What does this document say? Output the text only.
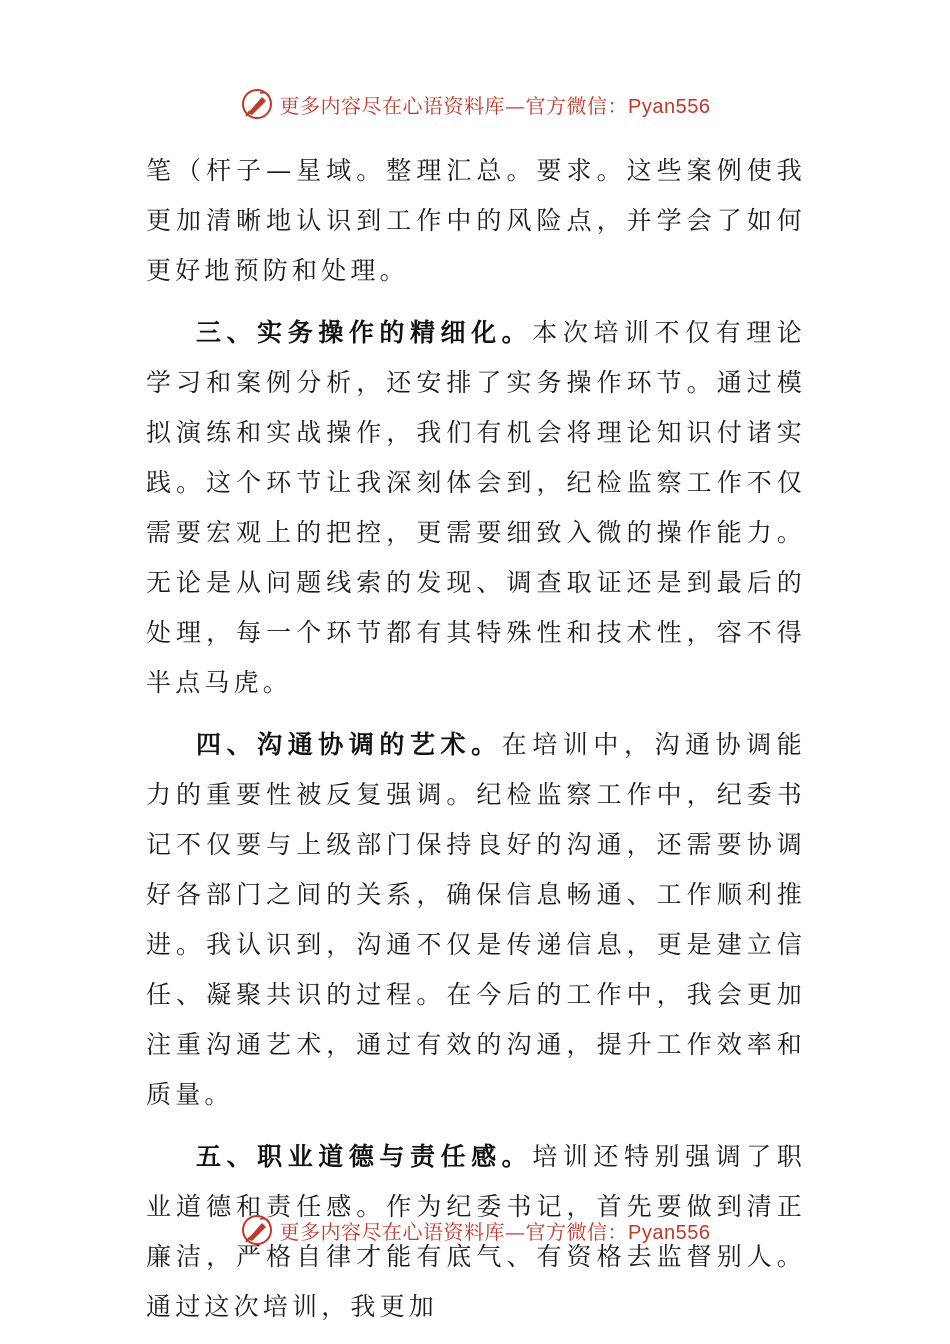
更多内容尽在心语资料库—官方微信：Pyan556

笔（杆子—星域。整理汇总。要求。这些案例使我更加清晰地认识到工作中的风险点，并学会了如何更好地预防和处理。

三、实务操作的精细化。本次培训不仅有理论学习和案例分析，还安排了实务操作环节。通过模拟演练和实战操作，我们有机会将理论知识付诸实践。这个环节让我深刻体会到，纪检监察工作不仅需要宏观上的把控，更需要细致入微的操作能力。无论是从问题线索的发现、调查取证还是到最后的处理，每一个环节都有其特殊性和技术性，容不得半点马虎。

四、沟通协调的艺术。在培训中，沟通协调能力的重要性被反复强调。纪检监察工作中，纪委书记不仅要与上级部门保持良好的沟通，还需要协调好各部门之间的关系，确保信息畅通、工作顺利推进。我认识到，沟通不仅是传递信息，更是建立信任、凝聚共识的过程。在今后的工作中，我会更加注重沟通艺术，通过有效的沟通，提升工作效率和质量。

五、职业道德与责任感。培训还特别强调了职业道德和责任感。作为纪委书记，首先要做到清正廉洁，严格自律才能有底气、有资格去监督别人。通过这次培训，我更加

更多内容尽在心语资料库—官方微信：Pyan556
